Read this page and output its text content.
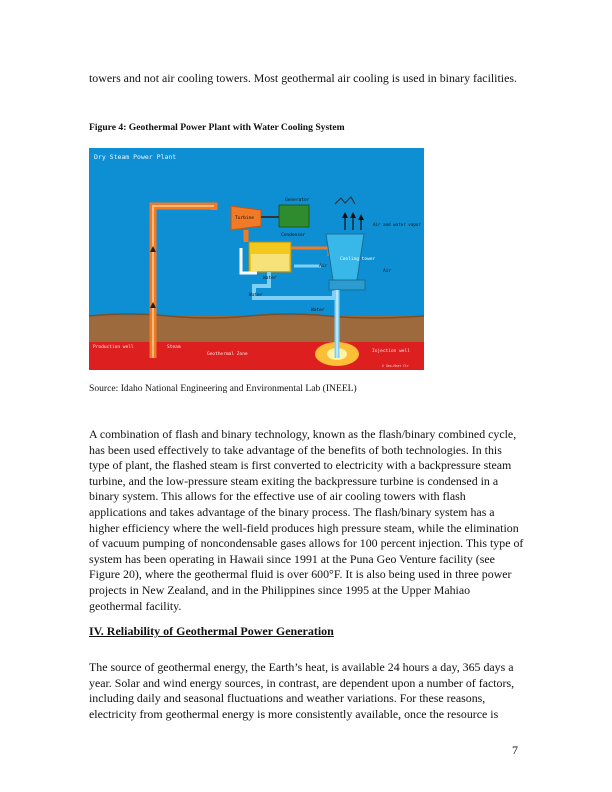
towers and not air cooling towers. Most geothermal air cooling is used in binary facilities.
Figure 4: Geothermal Power Plant with Water Cooling System
Dry Steam Power Plant
Generator
Turbine
Condenser
Air and water vapor
Cooling tower
Air
Air
Water
Water
Water
Production well	Steam
Geothermal Zone
Injection well
© Geo-Heat Ctr
Source: Idaho National Engineering and Environmental Lab (INEEL)
A combination of flash and binary technology, known as the flash/binary combined cycle, has been used effectively to take advantage of the benefits of both technologies. In this type of plant, the flashed steam is first converted to electricity with a backpressure steam turbine, and the low-pressure steam exiting the backpressure turbine is condensed in a binary system. This allows for the effective use of air cooling towers with flash applications and takes advantage of the binary process. The flash/binary system has a higher efficiency where the well-field produces high pressure steam, while the elimination of vacuum pumping of noncondensable gases allows for 100 percent injection. This type of system has been operating in Hawaii since 1991 at the Puna Geo Venture facility (see Figure 20), where the geothermal fluid is over 600°F. It is also being used in three power projects in New Zealand, and in the Philippines since 1995 at the Upper Mahiao geothermal facility.
IV. Reliability of Geothermal Power Generation
The source of geothermal energy, the Earth’s heat, is available 24 hours a day, 365 days a year. Solar and wind energy sources, in contrast, are dependent upon a number of factors, including daily and seasonal fluctuations and weather variations. For these reasons, electricity from geothermal energy is more consistently available, once the resource is
7
